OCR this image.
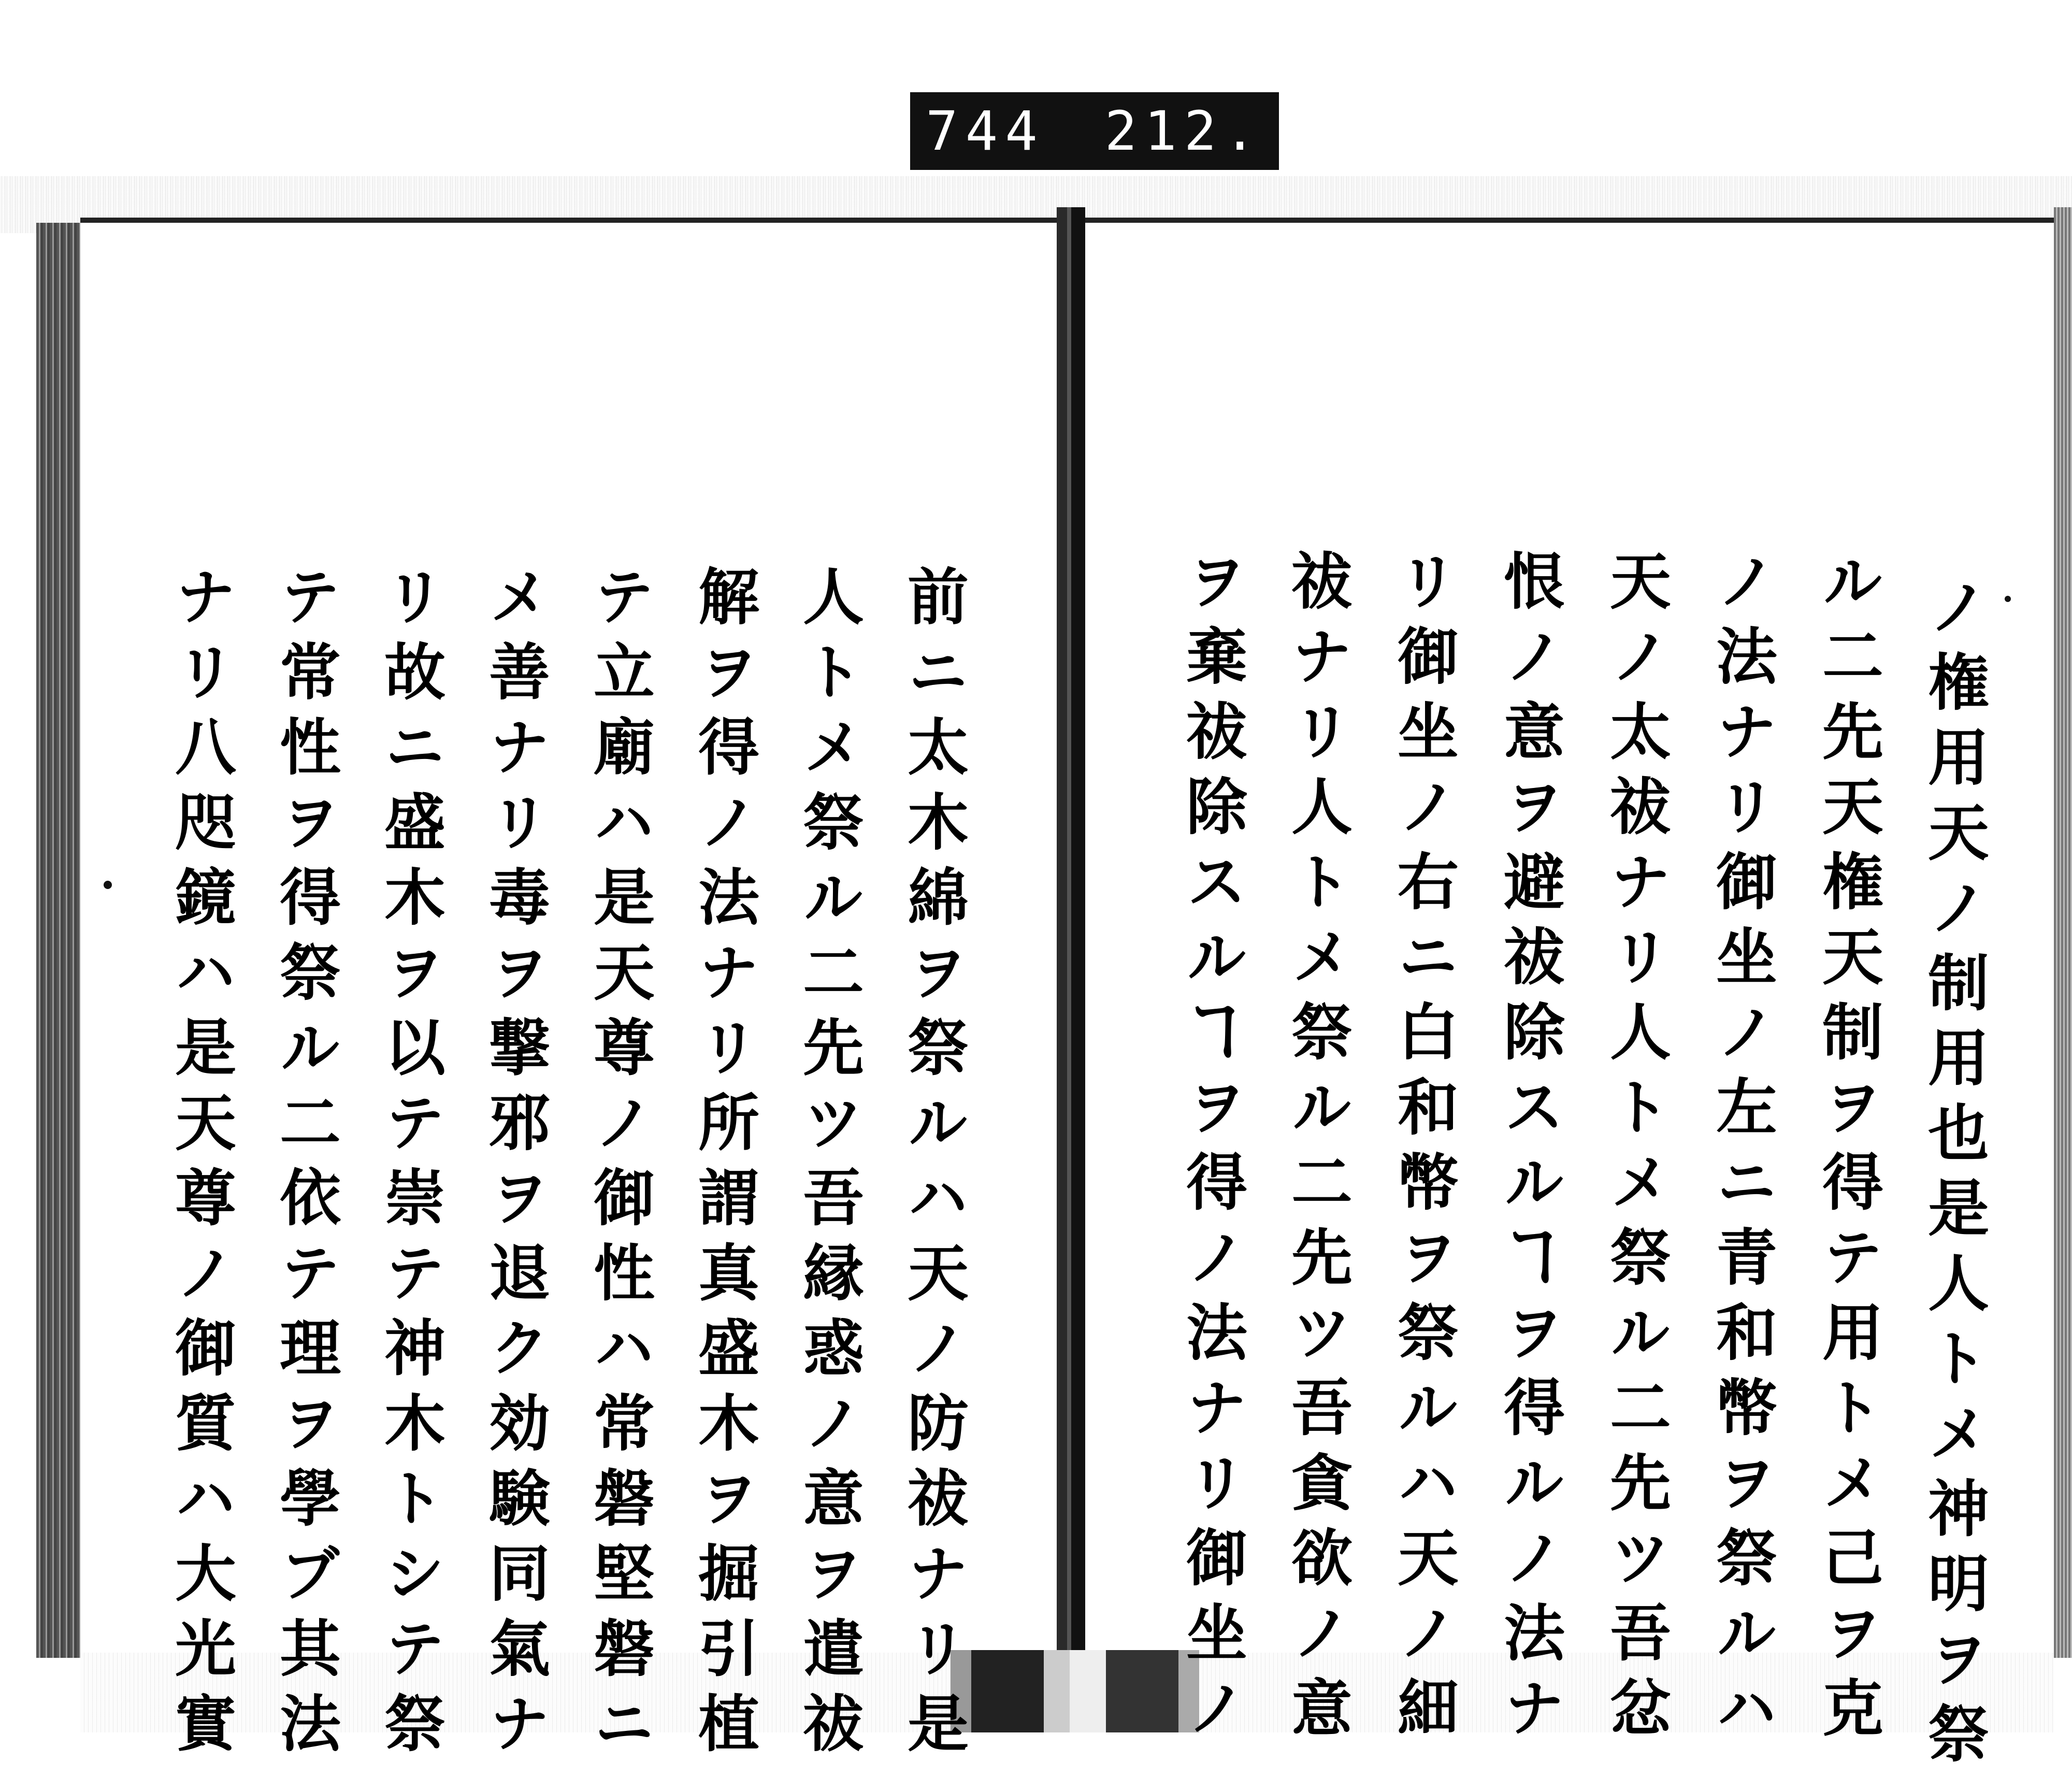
744 212.
ノ権用天ノ制用也是人トメ神明ヲ祭
ル二先天権天制ヲ得テ用トメ己ヲ克
ノ法ナリ御坐ノ左ニ青和幣ヲ祭ルハ
天ノ太祓ナリ人トメ祭ル二先ツ吾忿
恨ノ意ヲ避祓除スルヿヲ得ルノ法ナ
リ御坐ノ右ニ白和幣ヲ祭ルハ天ノ細
祓ナリ人トメ祭ル二先ツ吾貪欲ノ意
ヲ棄祓除スルヿヲ得ノ法ナリ御坐ノ
前ニ太木綿ヲ祭ルハ天ノ防祓ナリ是
人トメ祭ル二先ツ吾縁惑ノ意ヲ遣祓
解ヲ得ノ法ナリ所謂真盛木ヲ掘引植
テ立廟ハ是天尊ノ御性ハ常磐堅磐ニ
メ善ナリ毒ヲ撃邪ヲ退ク効験同氣ナ
リ故ニ盛木ヲ以テ崇テ神木トシテ祭
テ常性ヲ得祭ル二依テ理ヲ學ブ其法
ナリ八咫鏡ハ是天尊ノ御質ハ大光實
